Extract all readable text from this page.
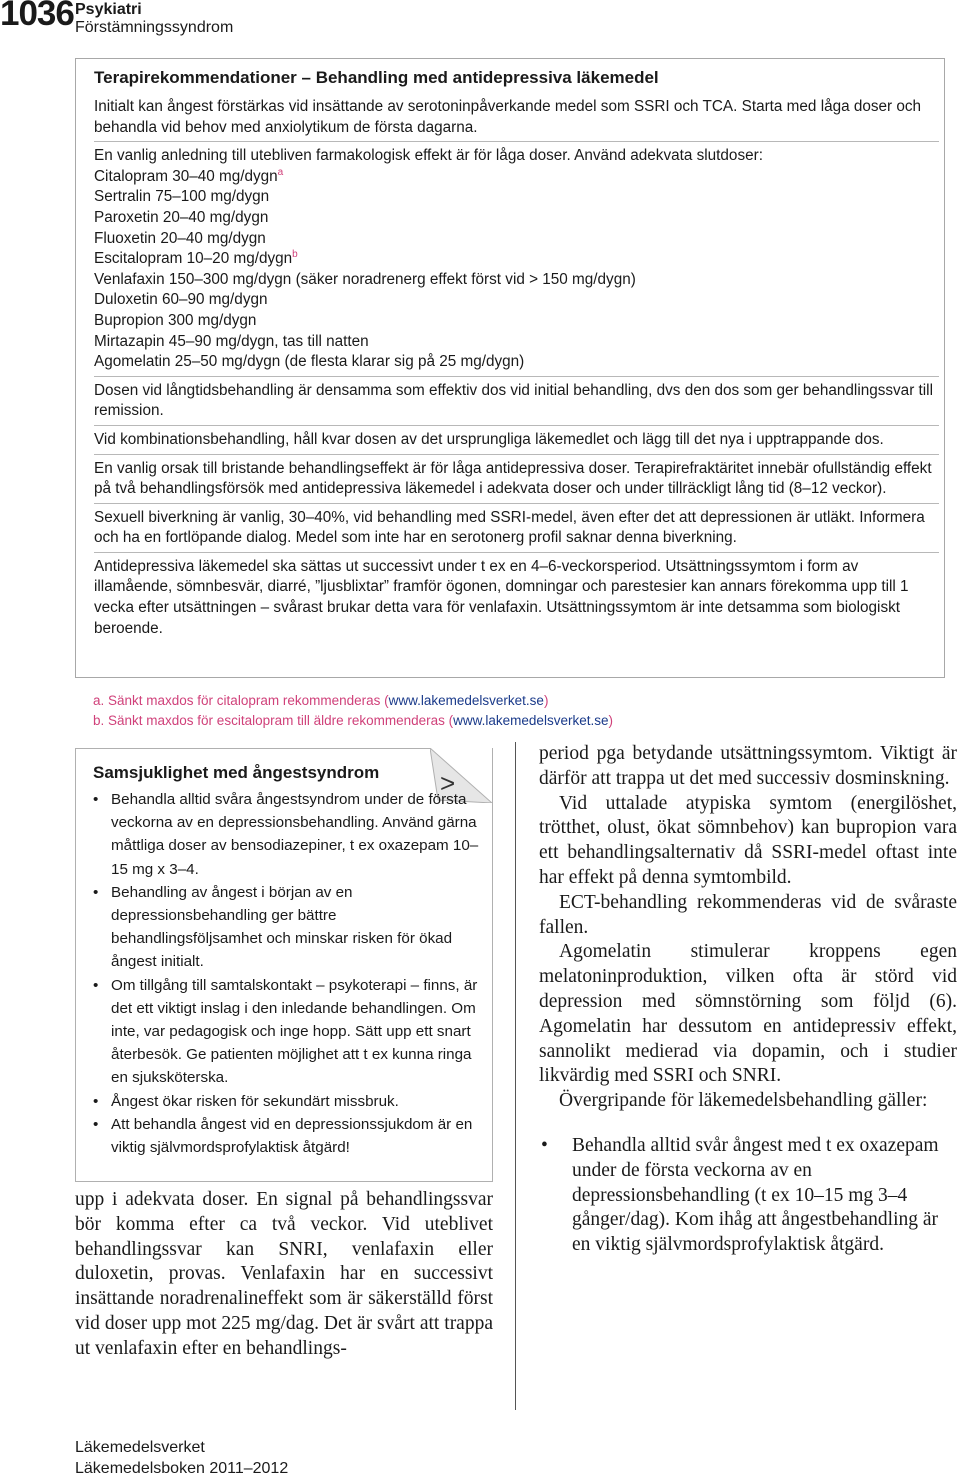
1036 Psykiatri
Förstämningssyndrom
Terapirekommendationer – Behandling med antidepressiva läkemedel

Initialt kan ångest förstärkas vid insättande av serotoninpåverkande medel som SSRI och TCA. Starta med låga doser och behandla vid behov med anxiolytikum de första dagarna.

En vanlig anledning till utebliven farmakologisk effekt är för låga doser. Använd adekvata slutdoser:
Citalopram 30–40 mg/dygn$^a$
Sertralin 75–100 mg/dygn
Paroxetin 20–40 mg/dygn
Fluoxetin 20–40 mg/dygn
Escitalopram 10–20 mg/dygn$^b$
Venlafaxin 150–300 mg/dygn (säker noradrenerg effekt först vid > 150 mg/dygn)
Duloxetin 60–90 mg/dygn
Bupropion 300 mg/dygn
Mirtazapin 45–90 mg/dygn, tas till natten
Agomelatin 25–50 mg/dygn (de flesta klarar sig på 25 mg/dygn)

Dosen vid långtidsbehandling är densamma som effektiv dos vid initial behandling, dvs den dos som ger behandlingssvar till remission.

Vid kombinationsbehandling, håll kvar dosen av det ursprungliga läkemedlet och lägg till det nya i upptrappande dos.

En vanlig orsak till bristande behandlingseffekt är för låga antidepressiva doser. Terapirefraktäritet innebär ofullständig effekt på två behandlingsförsök med antidepressiva läkemedel i adekvata doser och under tillräckligt lång tid (8–12 veckor).

Sexuell biverkning är vanlig, 30–40%, vid behandling med SSRI-medel, även efter det att depressionen är utläkt. Informera och ha en fortlöpande dialog. Medel som inte har en serotonerg profil saknar denna biverkning.

Antidepressiva läkemedel ska sättas ut successivt under t ex en 4–6-veckorsperiod. Utsättningssymtom i form av illamående, sömnbesvär, diarré, ”ljusblixtar” framför ögonen, domningar och parestesier kan annars förekomma upp till 1 vecka efter utsättningen – svårast brukar detta vara för venlafaxin. Utsättningssymtom är inte detsamma som biologiskt beroende.

a. Sänkt maxdos för citalopram rekommenderas (www.lakemedelsverket.se)
b. Sänkt maxdos för escitalopram till äldre rekommenderas (www.lakemedelsverket.se)
>
Samsjuklighet med ångestsyndrom
• Behandla alltid svåra ångestsyndrom under de första veckorna av en depressionsbehandling. Använd gärna måttliga doser av bensodiazepiner, t ex oxazepam 10–15 mg x 3–4.
• Behandling av ångest i början av en depressionsbehandling ger bättre behandlingsföljsamhet och minskar risken för ökad ångest initialt.
• Om tillgång till samtalskontakt – psykoterapi – finns, är det ett viktigt inslag i den inledande behandlingen. Om inte, var pedagogisk och inge hopp. Sätt upp ett snart återbesök. Ge patienten möjlighet att t ex kunna ringa en sjuksköterska.
• Ångest ökar risken för sekundärt missbruk.
• Att behandla ångest vid en depressionssjukdom är en viktig självmordsprofylaktisk åtgärd!
upp i adekvata doser. En signal på behandlingssvar bör komma efter ca två veckor. Vid uteblivet behandlingssvar kan SNRI, venlafaxin eller duloxetin, provas. Venlafaxin har en successivt insättande noradrenalineffekt som är säkerställd först vid doser upp mot 225 mg/dag. Det är svårt att trappa ut venlafaxin efter en behandlings-

period pga betydande utsättningssymtom. Viktigt är därför att trappa ut det med successiv dosminskning.

Vid uttalade atypiska symtom (energilöshet, trötthet, olust, ökat sömnbehov) kan bupropion vara ett behandlingsalternativ då SSRI-medel oftast inte har effekt på denna symtombild.

ECT-behandling rekommenderas vid de svåraste fallen.

Agomelatin stimulerar kroppens egen melatoninproduktion, vilken ofta är störd vid depression med sömnstörning som följd (6). Agomelatin har dessutom en antidepressiv effekt, sannolikt medierad via dopamin, och i studier likvärdig med SSRI och SNRI.

Övergripande för läkemedelsbehandling gäller:

• Behandla alltid svår ångest med t ex oxazepam under de första veckorna av en depressionsbehandling (t ex 10–15 mg 3–4 gånger/dag). Kom ihåg att ångestbehandling är en viktig självmordsprofylaktisk åtgärd.
Läkemedelsverket
Läkemedelsboken 2011–2012
